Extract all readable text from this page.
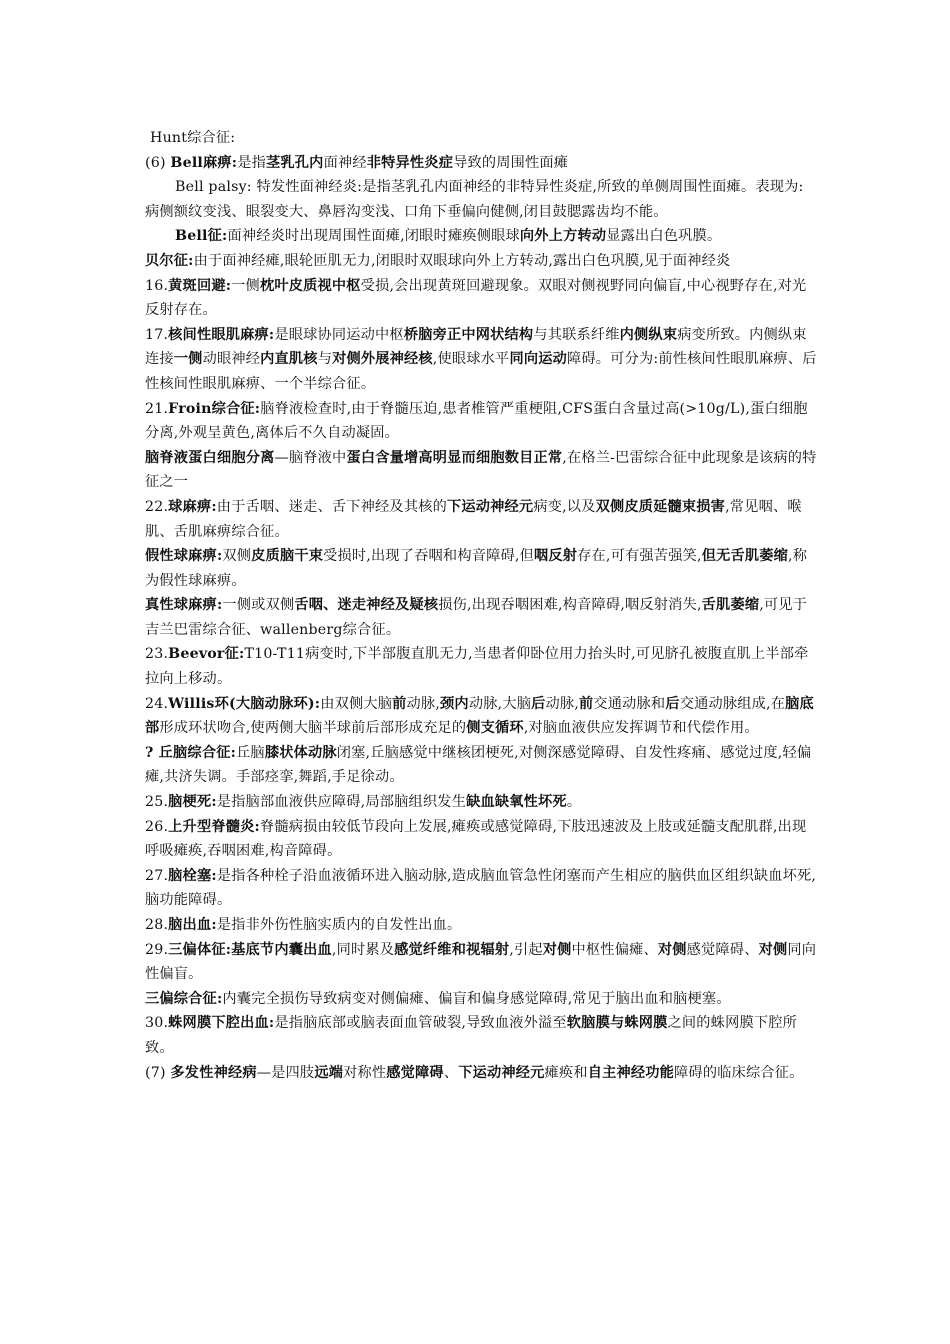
Hunt综合征:

(6) Bell麻痹:是指茎乳孔内面神经非特异性炎症导致的周围性面瘫

Bell palsy: 特发性面神经炎:是指茎乳孔内面神经的非特异性炎症,所致的单侧周围性面瘫。表现为:病侧额纹变浅、眼裂变大、鼻唇沟变浅、口角下垂偏向健侧,闭目鼓腮露齿均不能。

Bell征:面神经炎时出现周围性面瘫,闭眼时瘫痪侧眼球向外上方转动显露出白色巩膜。

贝尔征:由于面神经瘫,眼轮匝肌无力,闭眼时双眼球向外上方转动,露出白色巩膜,见于面神经炎

16.黄斑回避:一侧枕叶皮质视中枢受损,会出现黄斑回避现象。双眼对侧视野同向偏盲,中心视野存在,对光反射存在。

17.核间性眼肌麻痹:是眼球协同运动中枢桥脑旁正中网状结构与其联系纤维内侧纵束病变所致。内侧纵束连接一侧动眼神经内直肌核与对侧外展神经核,使眼球水平同向运动障碍。可分为:前性核间性眼肌麻痹、后性核间性眼肌麻痹、一个半综合征。

21.Froin综合征:脑脊液检查时,由于脊髓压迫,患者椎管严重梗阻,CFS蛋白含量过高(>10g/L),蛋白细胞分离,外观呈黄色,离体后不久自动凝固。

脑脊液蛋白细胞分离—脑脊液中蛋白含量增高明显而细胞数目正常,在格兰-巴雷综合征中此现象是该病的特征之一

22.球麻痹:由于舌咽、迷走、舌下神经及其核的下运动神经元病变,以及双侧皮质延髓束损害,常见咽、喉肌、舌肌麻痹综合征。

假性球麻痹:双侧皮质脑干束受损时,出现了吞咽和构音障碍,但咽反射存在,可有强苦强笑,但无舌肌萎缩,称为假性球麻痹。

真性球麻痹:一侧或双侧舌咽、迷走神经及疑核损伤,出现吞咽困难,构音障碍,咽反射消失,舌肌萎缩,可见于吉兰巴雷综合征、wallenberg综合征。

23.Beevor征:T10-T11病变时,下半部腹直肌无力,当患者仰卧位用力抬头时,可见脐孔被腹直肌上半部牵拉向上移动。

24.Willis环(大脑动脉环):由双侧大脑前动脉,颈内动脉,大脑后动脉,前交通动脉和后交通动脉组成,在脑底部形成环状吻合,使两侧大脑半球前后部形成充足的侧支循环,对脑血液供应发挥调节和代偿作用。

? 丘脑综合征:丘脑膝状体动脉闭塞,丘脑感觉中继核团梗死,对侧深感觉障碍、自发性疼痛、感觉过度,轻偏瘫,共济失调。手部痉挛,舞蹈,手足徐动。

25.脑梗死:是指脑部血液供应障碍,局部脑组织发生缺血缺氧性坏死。

26.上升型脊髓炎:脊髓病损由较低节段向上发展,瘫痪或感觉障碍,下肢迅速波及上肢或延髓支配肌群,出现呼吸瘫痪,吞咽困难,构音障碍。

27.脑栓塞:是指各种栓子沿血液循环进入脑动脉,造成脑血管急性闭塞而产生相应的脑供血区组织缺血坏死,脑功能障碍。

28.脑出血:是指非外伤性脑实质内的自发性出血。

29.三偏体征:基底节内囊出血,同时累及感觉纤维和视辐射,引起对侧中枢性偏瘫、对侧感觉障碍、对侧同向性偏盲。

三偏综合征:内囊完全损伤导致病变对侧偏瘫、偏盲和偏身感觉障碍,常见于脑出血和脑梗塞。

30.蛛网膜下腔出血:是指脑底部或脑表面血管破裂,导致血液外溢至软脑膜与蛛网膜之间的蛛网膜下腔所致。

(7) 多发性神经病—是四肢远端对称性感觉障碍、下运动神经元瘫痪和自主神经功能障碍的临床综合征。
